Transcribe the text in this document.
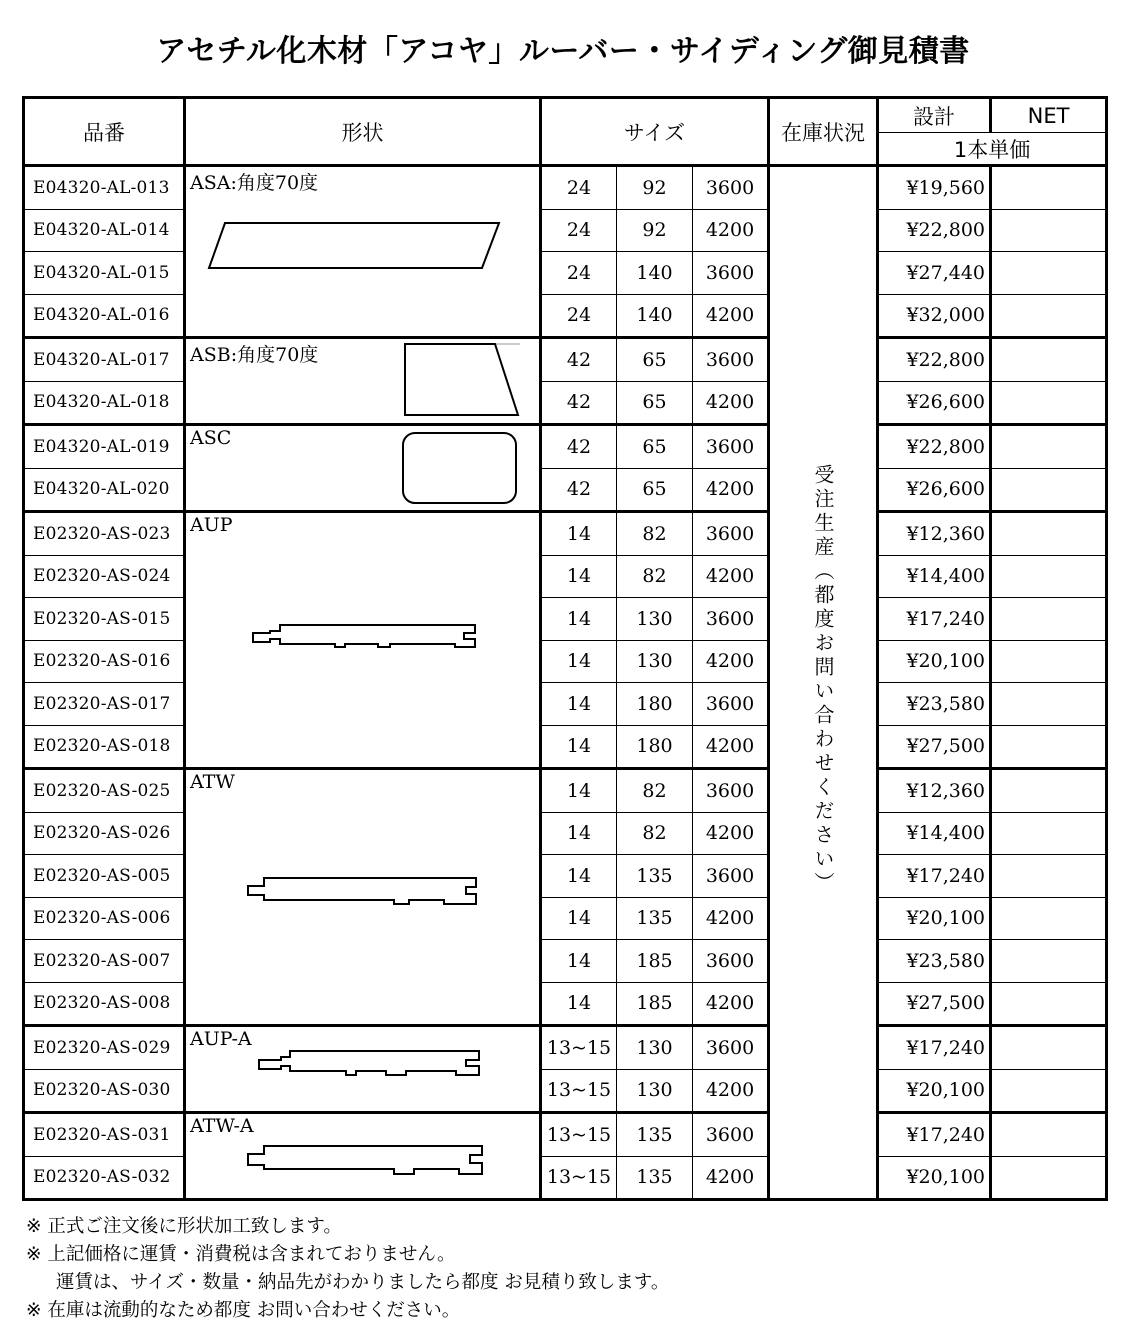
アセチル化木材「アコヤ」ルーバー・サイディング御見積書
品番	形状	サイズ			在庫状況	設計	NET
						1本単価	
E04320-AL-013	ASA:角度70度	24	92	3600	受注生産（都度お問い合わせください）	¥19,560	
E04320-AL-014		24	92	4200		¥22,800	
E04320-AL-015		24	140	3600		¥27,440	
E04320-AL-016		24	140	4200		¥32,000	
E04320-AL-017	ASB:角度70度	42	65	3600		¥22,800	
E04320-AL-018		42	65	4200		¥26,600	
E04320-AL-019	ASC	42	65	3600		¥22,800	
E04320-AL-020		42	65	4200		¥26,600	
E02320-AS-023	AUP	14	82	3600		¥12,360	
E02320-AS-024		14	82	4200		¥14,400	
E02320-AS-015		14	130	3600		¥17,240	
E02320-AS-016		14	130	4200		¥20,100	
E02320-AS-017		14	180	3600		¥23,580	
E02320-AS-018		14	180	4200		¥27,500	
E02320-AS-025	ATW	14	82	3600		¥12,360	
E02320-AS-026		14	82	4200		¥14,400	
E02320-AS-005		14	135	3600		¥17,240	
E02320-AS-006		14	135	4200		¥20,100	
E02320-AS-007		14	185	3600		¥23,580	
E02320-AS-008		14	185	4200		¥27,500	
E02320-AS-029	AUP-A	13~15	130	3600		¥17,240	
E02320-AS-030		13~15	130	4200		¥20,100	
E02320-AS-031	ATW-A	13~15	135	3600		¥17,240	
E02320-AS-032		13~15	135	4200		¥20,100	
※ 正式ご注文後に形状加工致します。
※ 上記価格に運賃・消費税は含まれておりません。
運賃は、サイズ・数量・納品先がわかりましたら都度 お見積り致します。
※ 在庫は流動的なため都度 お問い合わせください。
